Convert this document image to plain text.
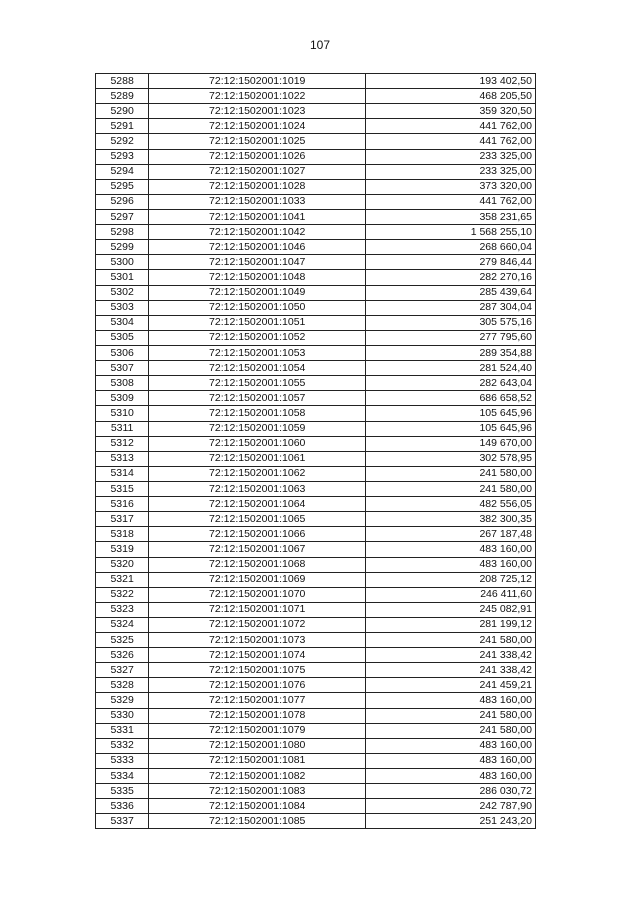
107
5288	72:12:1502001:1019	193 402,50
5289	72:12:1502001:1022	468 205,50
5290	72:12:1502001:1023	359 320,50
5291	72:12:1502001:1024	441 762,00
5292	72:12:1502001:1025	441 762,00
5293	72:12:1502001:1026	233 325,00
5294	72:12:1502001:1027	233 325,00
5295	72:12:1502001:1028	373 320,00
5296	72:12:1502001:1033	441 762,00
5297	72:12:1502001:1041	358 231,65
5298	72:12:1502001:1042	1 568 255,10
5299	72:12:1502001:1046	268 660,04
5300	72:12:1502001:1047	279 846,44
5301	72:12:1502001:1048	282 270,16
5302	72:12:1502001:1049	285 439,64
5303	72:12:1502001:1050	287 304,04
5304	72:12:1502001:1051	305 575,16
5305	72:12:1502001:1052	277 795,60
5306	72:12:1502001:1053	289 354,88
5307	72:12:1502001:1054	281 524,40
5308	72:12:1502001:1055	282 643,04
5309	72:12:1502001:1057	686 658,52
5310	72:12:1502001:1058	105 645,96
5311	72:12:1502001:1059	105 645,96
5312	72:12:1502001:1060	149 670,00
5313	72:12:1502001:1061	302 578,95
5314	72:12:1502001:1062	241 580,00
5315	72:12:1502001:1063	241 580,00
5316	72:12:1502001:1064	482 556,05
5317	72:12:1502001:1065	382 300,35
5318	72:12:1502001:1066	267 187,48
5319	72:12:1502001:1067	483 160,00
5320	72:12:1502001:1068	483 160,00
5321	72:12:1502001:1069	208 725,12
5322	72:12:1502001:1070	246 411,60
5323	72:12:1502001:1071	245 082,91
5324	72:12:1502001:1072	281 199,12
5325	72:12:1502001:1073	241 580,00
5326	72:12:1502001:1074	241 338,42
5327	72:12:1502001:1075	241 338,42
5328	72:12:1502001:1076	241 459,21
5329	72:12:1502001:1077	483 160,00
5330	72:12:1502001:1078	241 580,00
5331	72:12:1502001:1079	241 580,00
5332	72:12:1502001:1080	483 160,00
5333	72:12:1502001:1081	483 160,00
5334	72:12:1502001:1082	483 160,00
5335	72:12:1502001:1083	286 030,72
5336	72:12:1502001:1084	242 787,90
5337	72:12:1502001:1085	251 243,20
